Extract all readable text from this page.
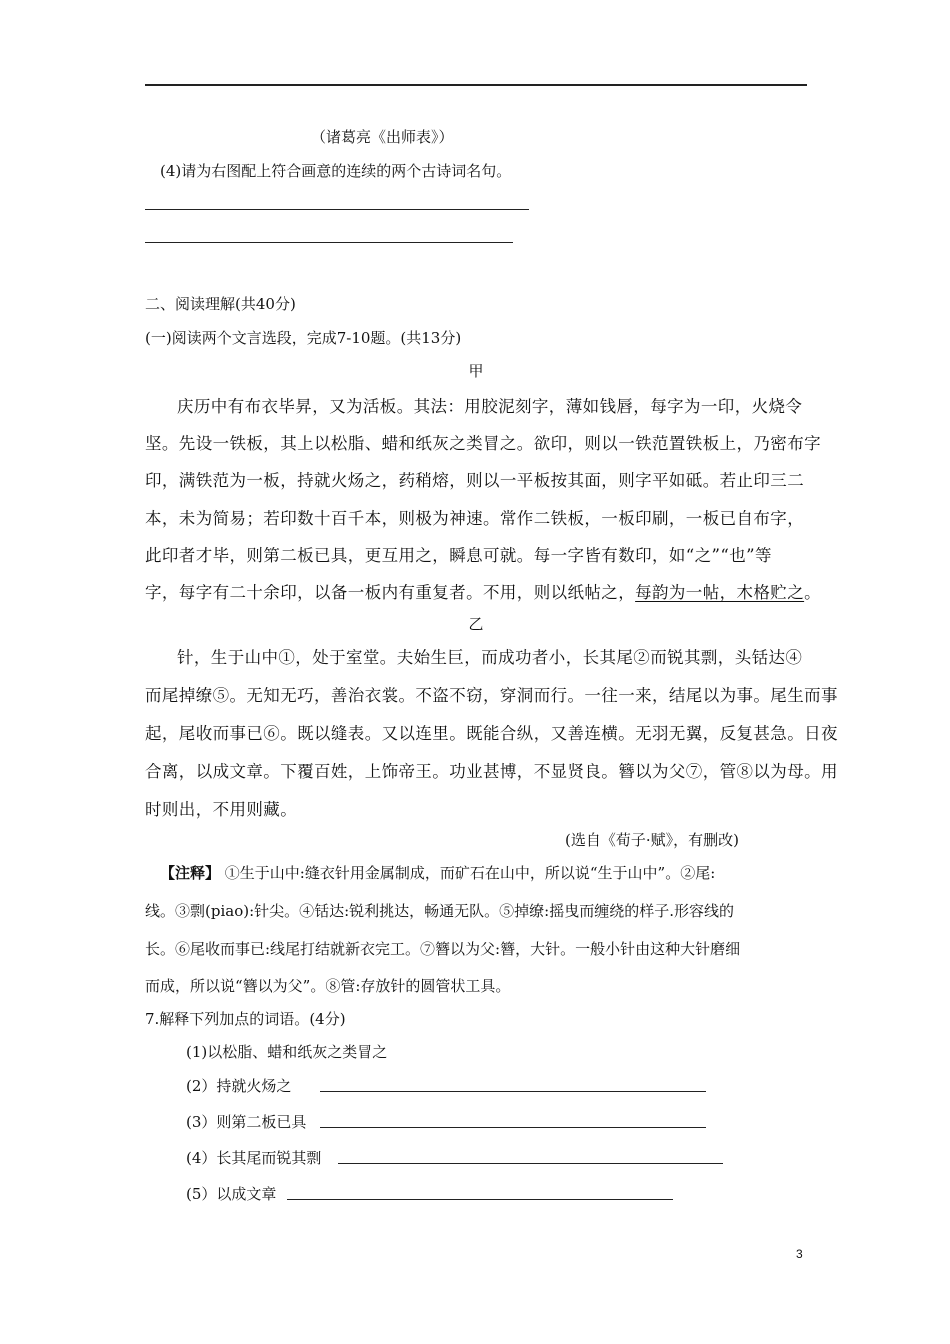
（诸葛亮《出师表》）
(4)请为右图配上符合画意的连续的两个古诗词名句。
二、阅读理解(共40分)
(一)阅读两个文言选段，完成7-10题。(共13分)
甲
庆历中有布衣毕昇，又为活板。其法：用胶泥刻字，薄如钱唇，每字为一印，火烧令
坚。先设一铁板，其上以松脂、蜡和纸灰之类冒之。欲印，则以一铁范置铁板上，乃密布字
印，满铁范为一板，持就火炀之，药稍熔，则以一平板按其面，则字平如砥。若止印三二
本，未为简易；若印数十百千本，则极为神速。常作二铁板，一板印刷，一板已自布字，
此印者才毕，则第二板已具，更互用之，瞬息可就。每一字皆有数印，如“之”“也”等
字，每字有二十余印，以备一板内有重复者。不用，则以纸帖之，每韵为一帖，木格贮之。
乙
针，生于山中①，处于室堂。夫始生巨，而成功者小，长其尾②而锐其剽，头铦达④
而尾掉缭⑤。无知无巧，善治衣裳。不盗不窃，穿洞而行。一往一来，结尾以为事。尾生而事
起，尾收而事已⑥。既以缝表。又以连里。既能合纵，又善连横。无羽无翼，反复甚急。日夜
合离，以成文章。下覆百姓，上饰帝王。功业甚博，不显贤良。簪以为父⑦，管⑧以为母。用
时则出，不用则藏。
(选自《荀子·赋》，有删改)
【注释】 ①生于山中:缝衣针用金属制成，而矿石在山中，所以说“生于山中”。②尾:
线。③剽(piao):针尖。④铦达:锐利挑达，畅通无队。⑤掉缭:摇曳而缠绕的样子.形容线的
长。⑥尾收而事已:线尾打结就新衣完工。⑦簪以为父:簪，大针。一般小针由这种大针磨细
而成，所以说“簪以为父”。⑧管:存放针的圆管状工具。
7.解释下列加点的词语。(4分)
(1)以松脂、蜡和纸灰之类冒之
(2）持就火炀之
(3）则第二板已具
(4）长其尾而锐其剽
(5）以成文章
3
